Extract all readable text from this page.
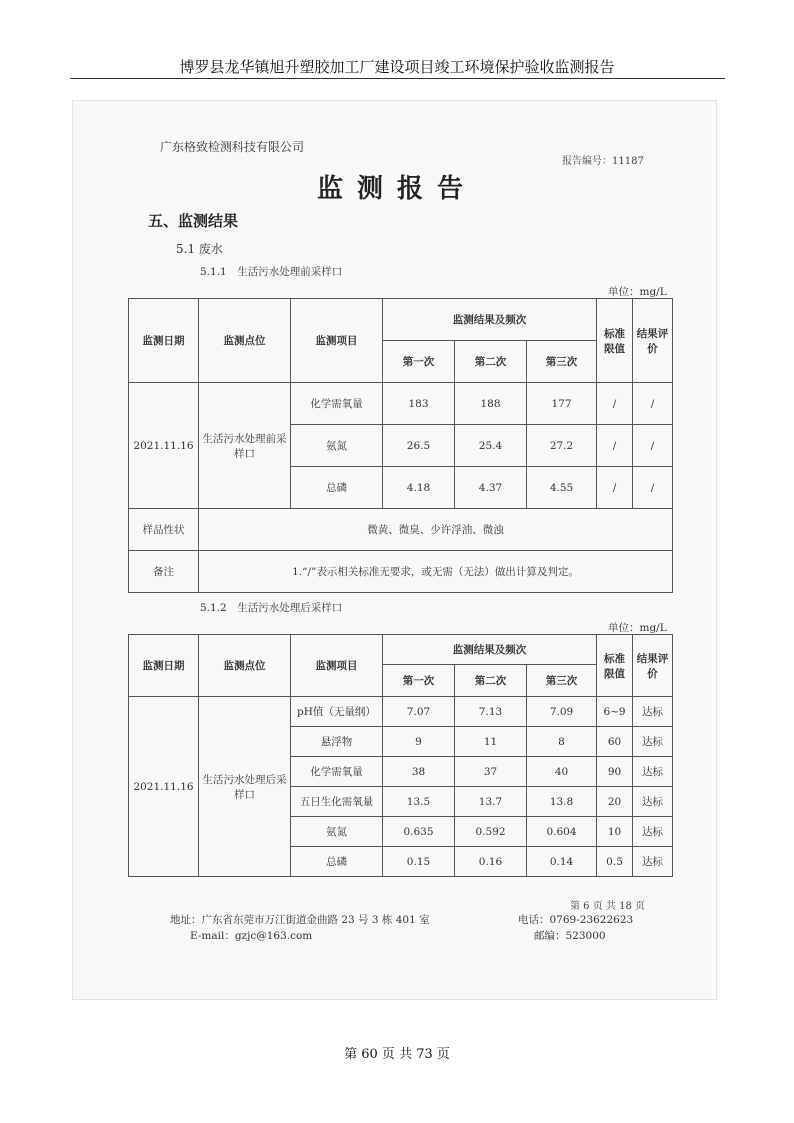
博罗县龙华镇旭升塑胶加工厂建设项目竣工环境保护验收监测报告
广东格致检测科技有限公司
报告编号：11187
监测报告
五、监测结果
5.1 废水
5.1.1　生活污水处理前采样口
单位：mg/L
监测日期	监测点位	监测项目	监测结果及频次			标准限值	结果评价
			第一次	第二次	第三次		
2021.11.16	生活污水处理前采样口	化学需氧量	183	188	177	/	/
		氨氮	26.5	25.4	27.2	/	/
		总磷	4.18	4.37	4.55	/	/
样品性状	微黄、微臭、少许浮油、微浊						
备注	1.“/”表示相关标准无要求，或无需（无法）做出计算及判定。						
5.1.2　生活污水处理后采样口
单位：mg/L
监测日期	监测点位	监测项目	监测结果及频次			标准限值	结果评价
			第一次	第二次	第三次		
2021.11.16	生活污水处理后采样口	pH值（无量纲）	7.07	7.13	7.09	6~9	达标
		悬浮物	9	11	8	60	达标
		化学需氧量	38	37	40	90	达标
		五日生化需氧量	13.5	13.7	13.8	20	达标
		氨氮	0.635	0.592	0.604	10	达标
		总磷	0.15	0.16	0.14	0.5	达标
第 6 页 共 18 页
地址：广东省东莞市万江街道金曲路 23 号 3 栋 401 室
E-mail：gzjc@163.com
电话：0769-23622623
邮编：523000
第 60 页 共 73 页
